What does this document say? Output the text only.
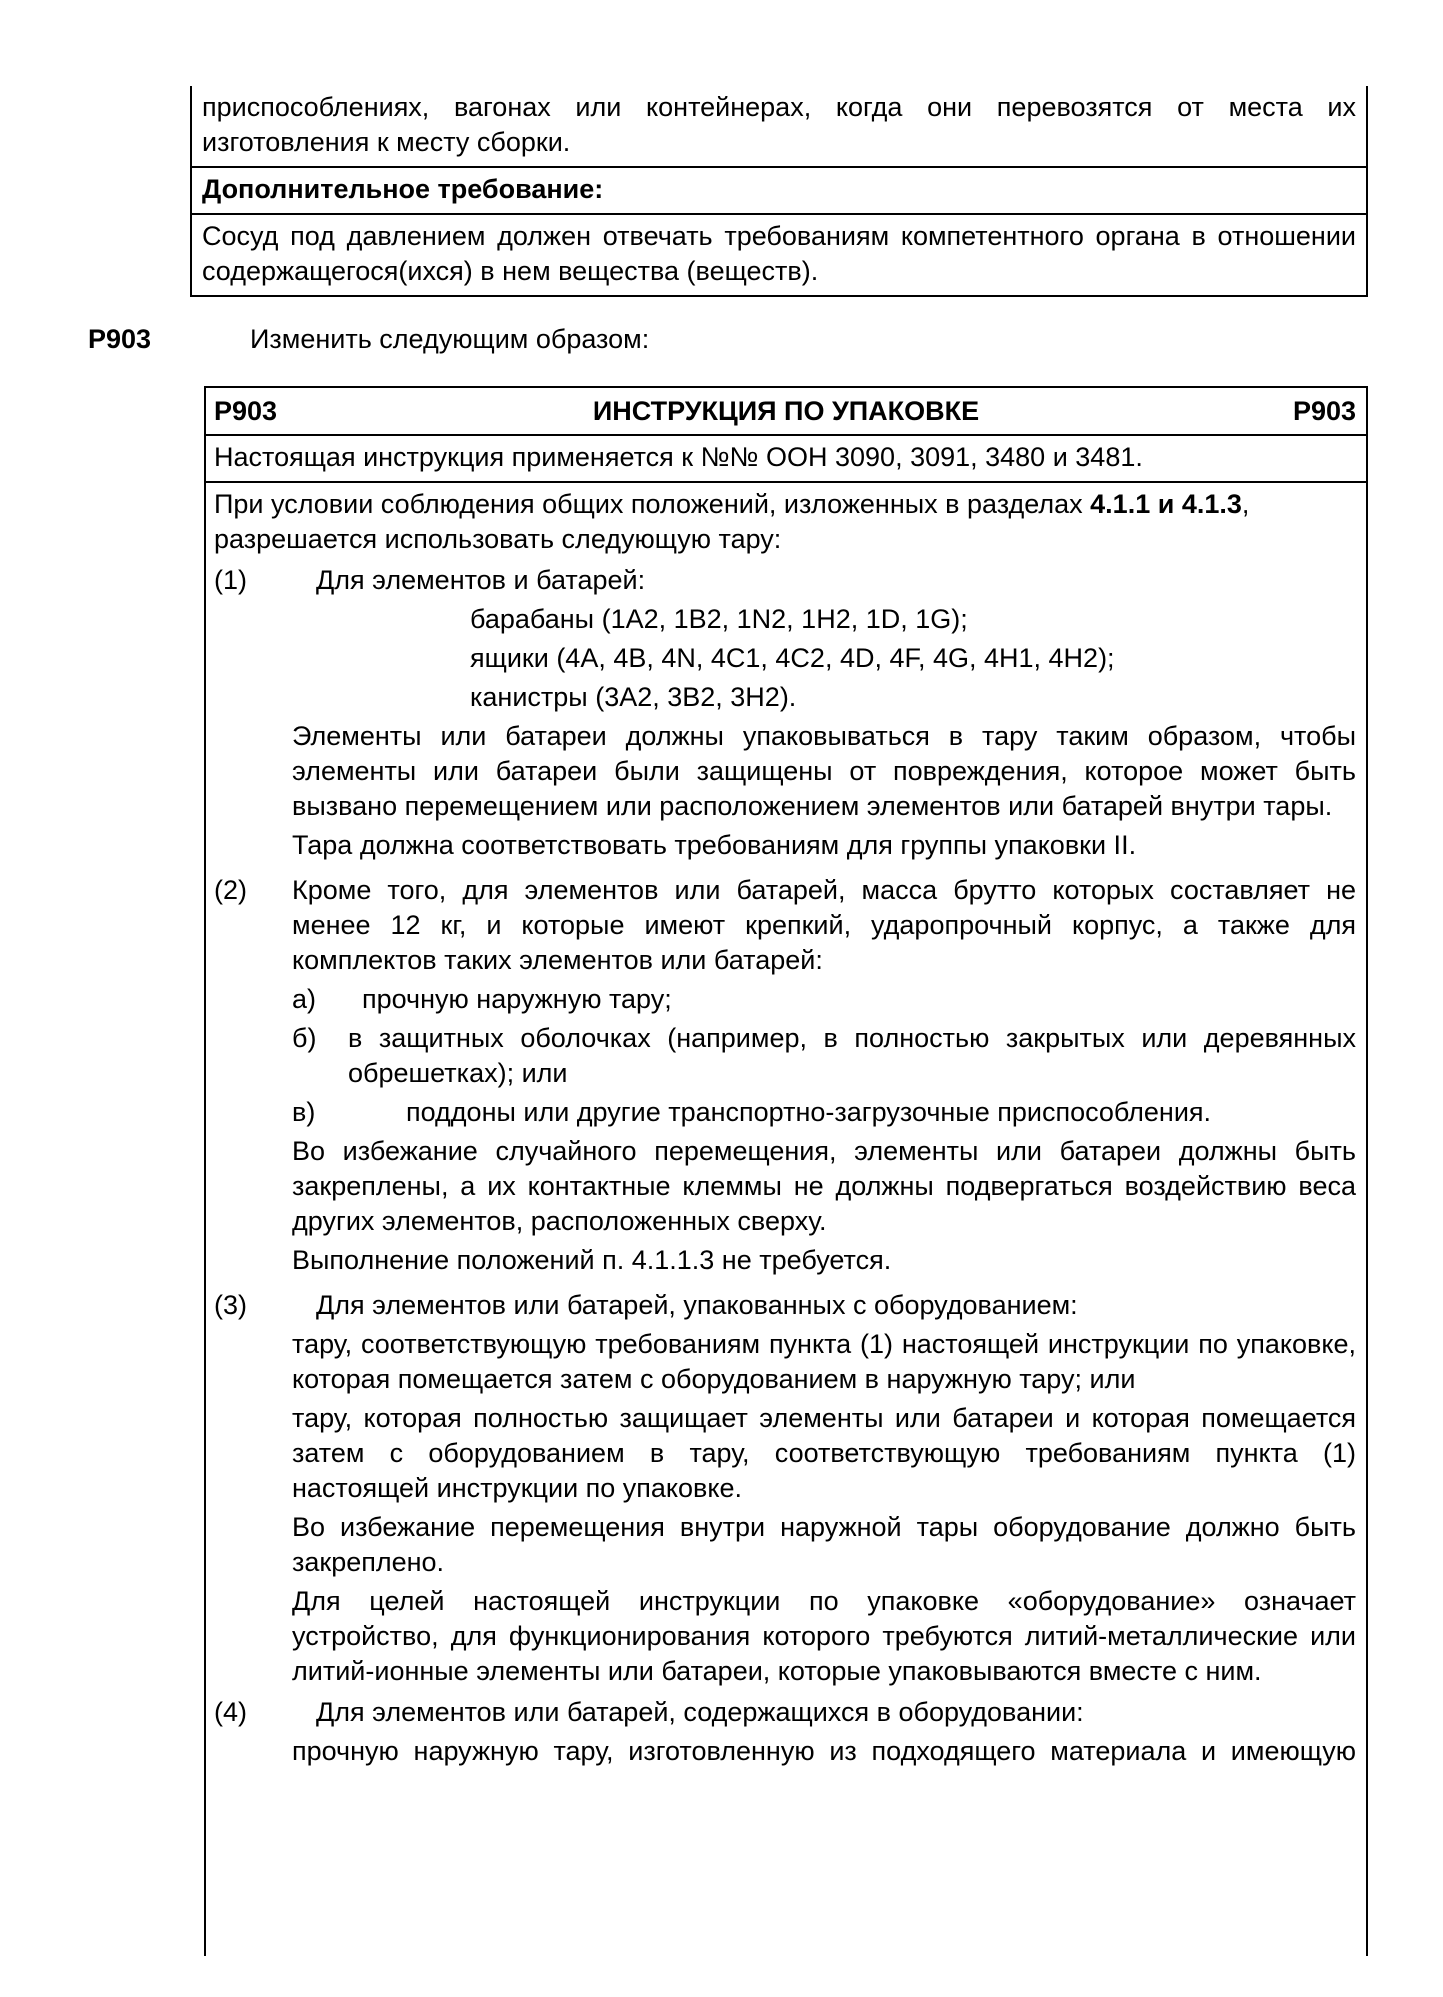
приспособлениях, вагонах или контейнерах, когда они перевозятся от места их
изготовления к месту сборки.
Дополнительное требование:
Сосуд под давлением должен отвечать требованиям компетентного органа в отношении содержащегося(ихся) в нем вещества (веществ).
P903	Изменить следующим образом:
P903	ИНСТРУКЦИЯ ПО УПАКОВКЕ	P903
Настоящая инструкция применяется к №№ ООН 3090, 3091, 3480 и 3481.
При условии соблюдения общих положений, изложенных в разделах 4.1.1 и 4.1.3, разрешается использовать следующую тару:
(1)	Для элементов и батарей:
барабаны (1A2, 1B2, 1N2, 1H2, 1D, 1G);
ящики (4A, 4B, 4N, 4C1, 4C2, 4D, 4F, 4G, 4H1, 4H2);
канистры (3A2, 3B2, 3H2).
Элементы или батареи должны упаковываться в тару таким образом, чтобы элементы или батареи были защищены от повреждения, которое может быть вызвано перемещением или расположением элементов или батарей внутри тары.
Тара должна соответствовать требованиям для группы упаковки II.
(2) Кроме того, для элементов или батарей, масса брутто которых составляет не менее 12 кг, и которые имеют крепкий, ударопрочный корпус, а также для комплектов таких элементов или батарей:
a) прочную наружную тару;
б) в защитных оболочках (например, в полностью закрытых или деревянных обрешетках); или
в)	поддоны или другие транспортно-загрузочные приспособления.
Во избежание случайного перемещения, элементы или батареи должны быть закреплены, а их контактные клеммы не должны подвергаться воздействию веса других элементов, расположенных сверху.
Выполнение положений п. 4.1.1.3 не требуется.
(3)	Для элементов или батарей, упакованных с оборудованием:
тару, соответствующую требованиям пункта (1) настоящей инструкции по упаковке, которая помещается затем с оборудованием в наружную тару; или
тару, которая полностью защищает элементы или батареи и которая помещается затем с оборудованием в тару, соответствующую требованиям пункта (1) настоящей инструкции по упаковке.
Во избежание перемещения внутри наружной тары оборудование должно быть закреплено.
Для целей настоящей инструкции по упаковке «оборудование» означает устройство, для функционирования которого требуются литий-металлические или литий-ионные элементы или батареи, которые упаковываются вместе с ним.
(4)	Для элементов или батарей, содержащихся в оборудовании:
прочную наружную тару, изготовленную из подходящего материала и имеющую
